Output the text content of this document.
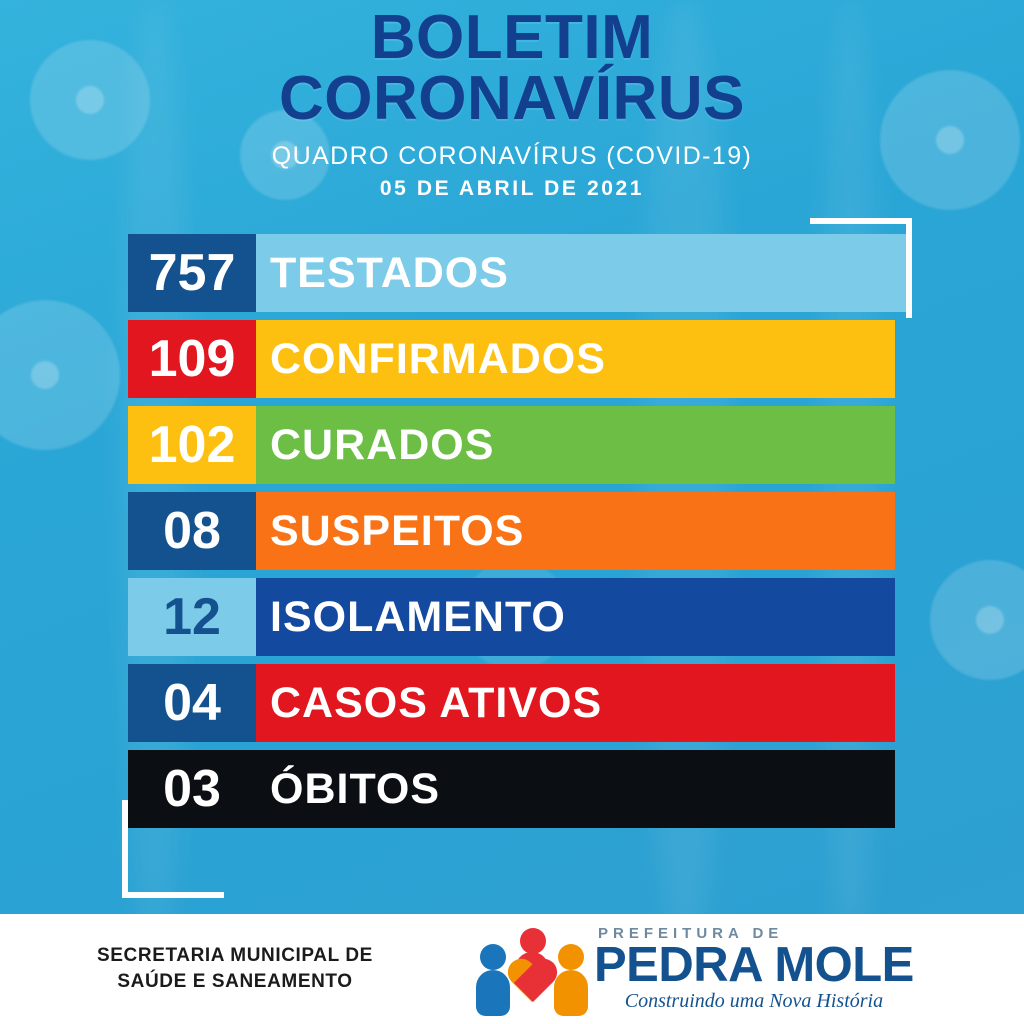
BOLETIM
CORONAVÍRUS
QUADRO CORONAVÍRUS (COVID-19)
05 DE ABRIL DE 2021
757 TESTADOS
109 CONFIRMADOS
102 CURADOS
08	SUSPEITOS
12	ISOLAMENTO
04	CASOS ATIVOS
03	ÓBITOS
SECRETARIA MUNICIPAL DE
SAÚDE E SANEAMENTO
PREFEITURA DE
PEDRA MOLE
Construindo uma Nova História
